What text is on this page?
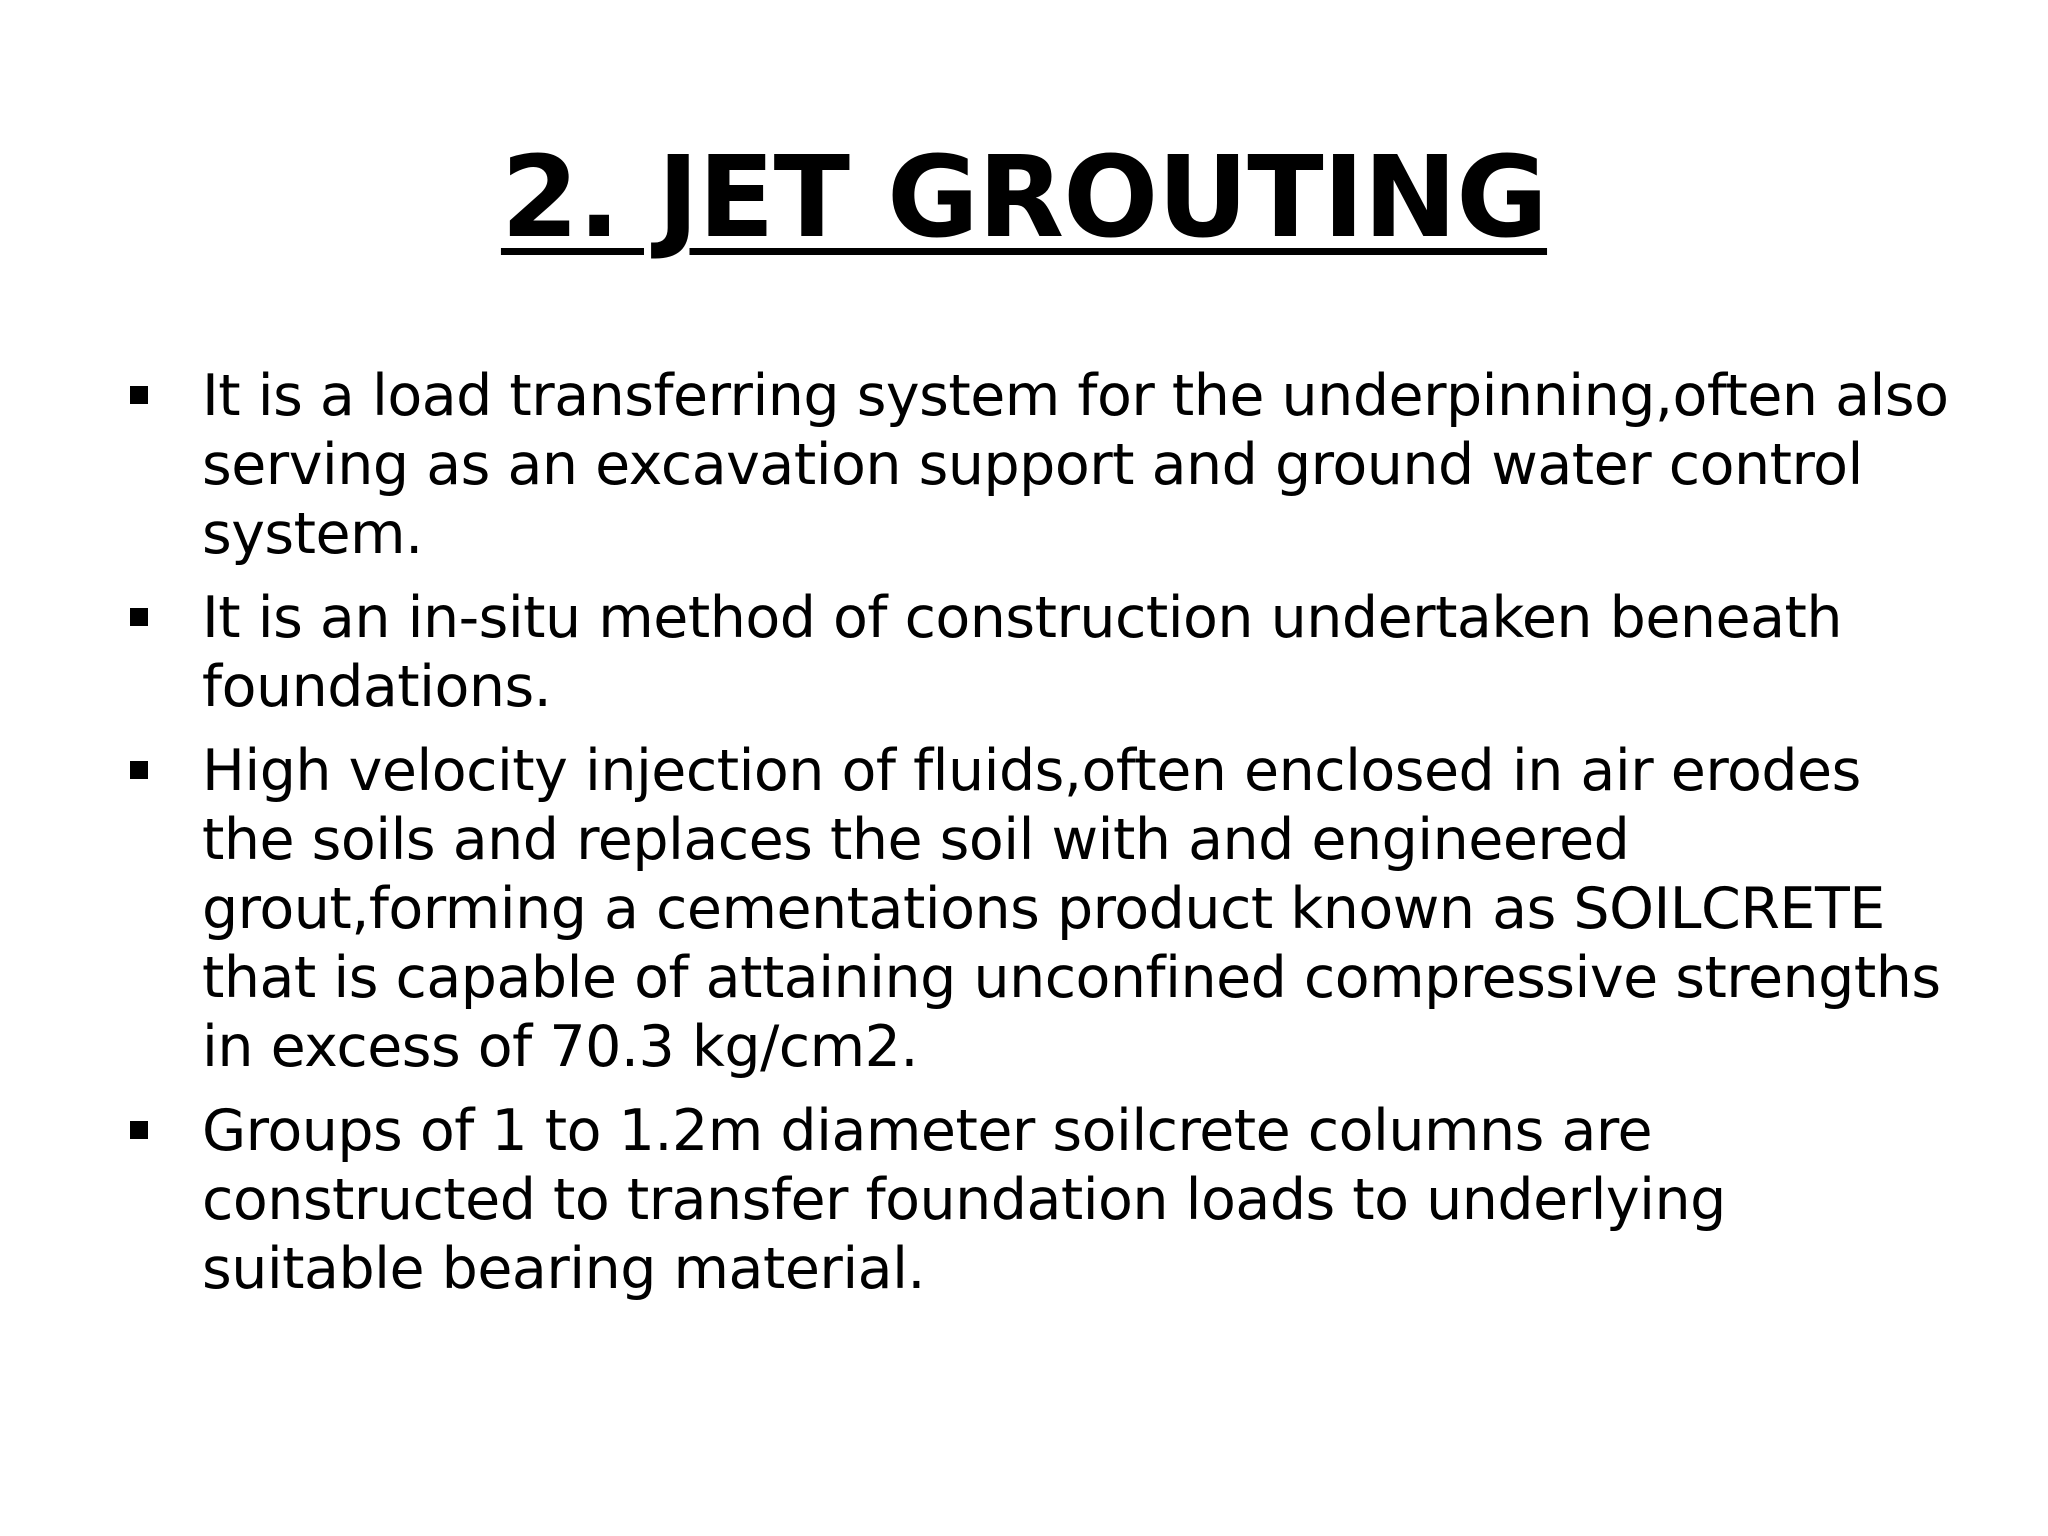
2. JET GROUTING
It is a load transferring system for the underpinning,often also serving as an excavation support and ground water control system.
It is an in-situ method of construction undertaken beneath foundations.
High velocity injection of fluids,often enclosed in air erodes the soils and replaces the soil with and engineered grout,forming a cementations product known as SOILCRETE that is capable of attaining unconfined compressive strengths in excess of 70.3 kg/cm2.
Groups of 1 to 1.2m diameter soilcrete columns are constructed to transfer foundation loads to underlying suitable bearing material.
